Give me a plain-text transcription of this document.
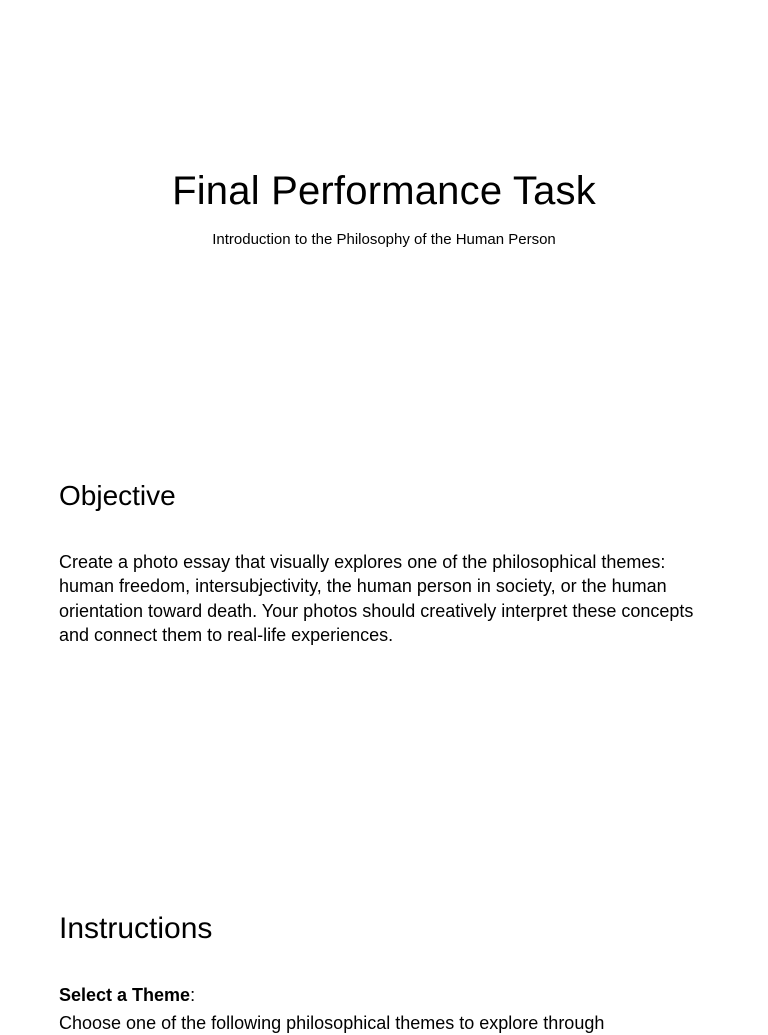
Final Performance Task

Introduction to the Philosophy of the Human Person

Objective

Create a photo essay that visually explores one of the philosophical themes: human freedom, intersubjectivity, the human person in society, or the human orientation toward death. Your photos should creatively interpret these concepts and connect them to real-life experiences.

Instructions

Select a Theme:

Choose one of the following philosophical themes to explore through
